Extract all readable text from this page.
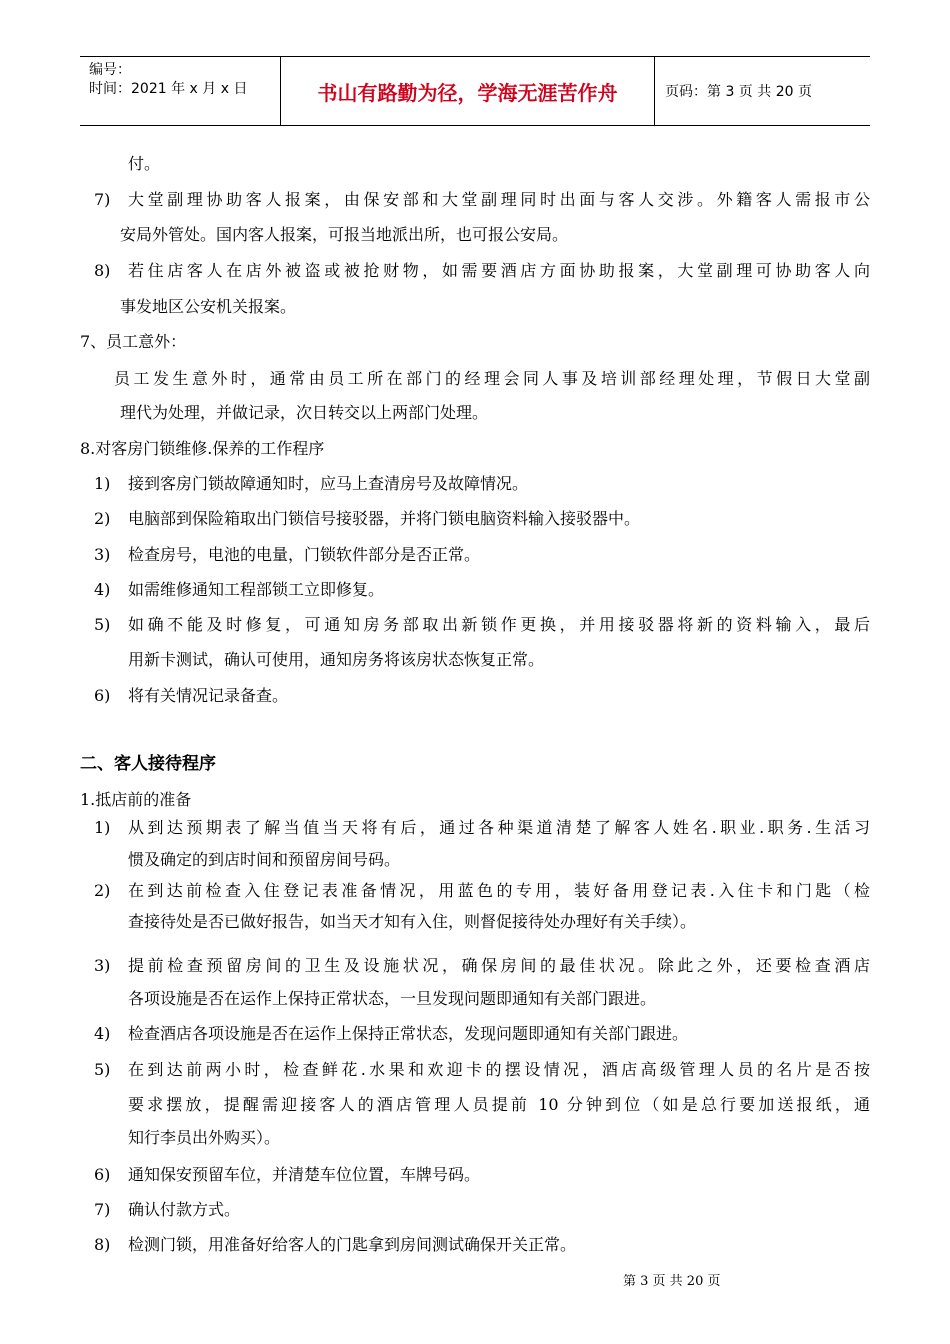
编号：
时间：2021 年 x 月 x 日	书山有路勤为径，学海无涯苦作舟	页码：第 3 页 共 20 页
付。
7) 大堂副理协助客人报案，由保安部和大堂副理同时出面与客人交涉。外籍客人需报市公
安局外管处。国内客人报案，可报当地派出所，也可报公安局。
8) 若住店客人在店外被盗或被抢财物，如需要酒店方面协助报案，大堂副理可协助客人向
事发地区公安机关报案。
7、员工意外：
员工发生意外时，通常由员工所在部门的经理会同人事及培训部经理处理，节假日大堂副
理代为处理，并做记录，次日转交以上两部门处理。
8.对客房门锁维修.保养的工作程序
1) 接到客房门锁故障通知时，应马上查清房号及故障情况。
2) 电脑部到保险箱取出门锁信号接驳器，并将门锁电脑资料输入接驳器中。
3) 检查房号，电池的电量，门锁软件部分是否正常。
4) 如需维修通知工程部锁工立即修复。
5) 如确不能及时修复，可通知房务部取出新锁作更换，并用接驳器将新的资料输入，最后
用新卡测试，确认可使用，通知房务将该房状态恢复正常。
6) 将有关情况记录备查。
二、客人接待程序
1.抵店前的准备
1) 从到达预期表了解当值当天将有后，通过各种渠道清楚了解客人姓名.职业.职务.生活习
惯及确定的到店时间和预留房间号码。
2) 在到达前检查入住登记表准备情况，用蓝色的专用，装好备用登记表.入住卡和门匙（检
查接待处是否已做好报告，如当天才知有入住，则督促接待处办理好有关手续）。
3) 提前检查预留房间的卫生及设施状况，确保房间的最佳状况。除此之外，还要检查酒店
各项设施是否在运作上保持正常状态，一旦发现问题即通知有关部门跟进。
4) 检查酒店各项设施是否在运作上保持正常状态，发现问题即通知有关部门跟进。
5) 在到达前两小时，检查鲜花.水果和欢迎卡的摆设情况，酒店高级管理人员的名片是否按
要求摆放，提醒需迎接客人的酒店管理人员提前 10 分钟到位（如是总行要加送报纸，通
知行李员出外购买）。
6) 通知保安预留车位，并清楚车位位置，车牌号码。
7) 确认付款方式。
8) 检测门锁，用准备好给客人的门匙拿到房间测试确保开关正常。
第 3 页 共 20 页
